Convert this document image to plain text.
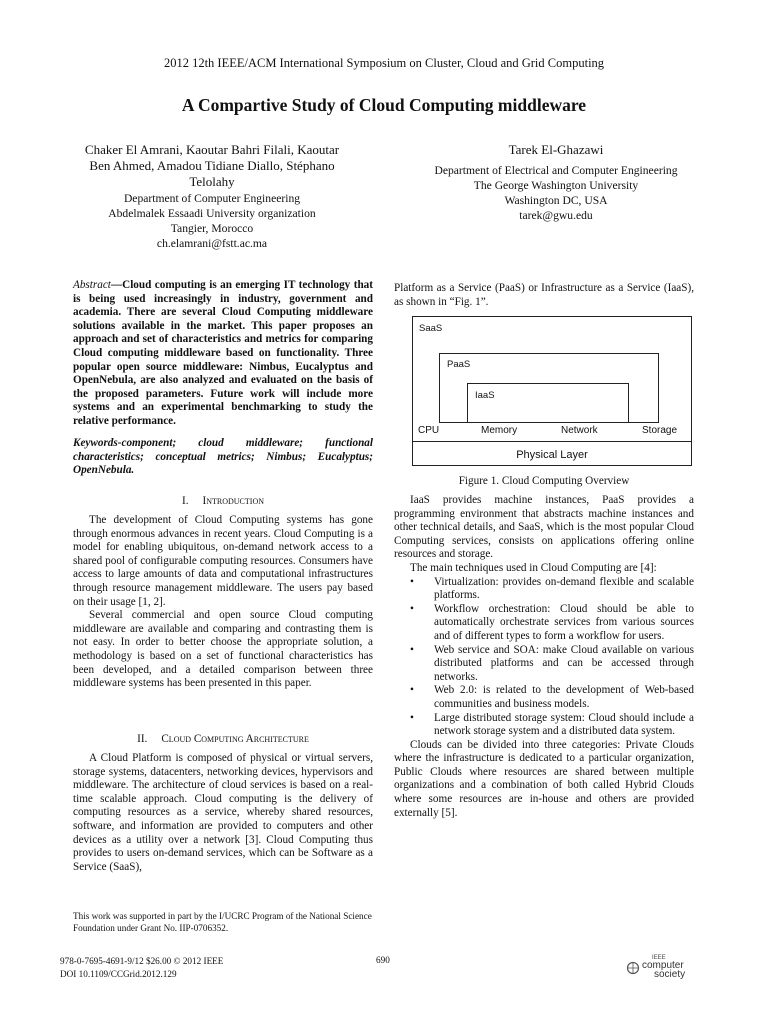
2012 12th IEEE/ACM International Symposium on Cluster, Cloud and Grid Computing
A Compartive Study of Cloud Computing middleware
Chaker El Amrani, Kaoutar Bahri Filali, Kaoutar
Ben Ahmed, Amadou Tidiane Diallo, Stéphano
Telolahy
Department of Computer Engineering
Abdelmalek Essaadi University organization
Tangier, Morocco
ch.elamrani@fstt.ac.ma
Tarek El-Ghazawi
Department of Electrical and Computer Engineering
The George Washington University
Washington DC, USA
tarek@gwu.edu
Abstract—Cloud computing is an emerging IT technology that is being used increasingly in industry, government and academia. There are several Cloud Computing middleware solutions available in the market. This paper proposes an approach and set of characteristics and metrics for comparing Cloud computing middleware based on functionality. Three popular open source middleware: Nimbus, Eucalyptus and OpenNebula, are also analyzed and evaluated on the basis of the proposed parameters. Future work will include more systems and an experimental benchmarking to study the relative performance.
Keywords-component; cloud middleware; functional characteristics; conceptual metrics; Nimbus; Eucalyptus; OpenNebula.
I. Introduction

The development of Cloud Computing systems has gone through enormous advances in recent years. Cloud Computing is a model for enabling ubiquitous, on-demand network access to a shared pool of configurable computing resources. Consumers have access to large amounts of data and computational infrastructures through resource management middleware. The users pay based on their usage [1, 2].

Several commercial and open source Cloud computing middleware are available and comparing and contrasting them is not easy. In order to better choose the appropriate solution, a methodology is based on a set of functional characteristics has been developed, and a detailed comparison between three middleware systems has been presented in this paper.

II. Cloud Computing Architecture

A Cloud Platform is composed of physical or virtual servers, storage systems, datacenters, networking devices, hypervisors and middleware. The architecture of cloud services is based on a real-time scalable approach. Cloud computing is the delivery of computing resources as a service, whereby shared resources, software, and information are provided to computers and other devices as a utility over a network [3]. Cloud Computing thus provides to users on-demand services, which can be Software as a Service (SaaS),

Platform as a Service (PaaS) or Infrastructure as a Service (IaaS), as shown in “Fig. 1”.
SaaS
PaaS
IaaS
CPU	Memory	Network	Storage
Physical Layer
Figure 1. Cloud Computing Overview

IaaS provides machine instances, PaaS provides a programming environment that abstracts machine instances and other technical details, and SaaS, which is the most popular Cloud Computing services, consists on applications offering online resources and storage.

The main techniques used in Cloud Computing are [4]:

• Virtualization: provides on-demand flexible and scalable platforms.
• Workflow orchestration: Cloud should be able to automatically orchestrate services from various sources and of different types to form a workflow for users.
• Web service and SOA: make Cloud available on various distributed platforms and can be accessed through networks.
• Web 2.0: is related to the development of Web-based communities and business models.
• Large distributed storage system: Cloud should include a network storage system and a distributed data system.

Clouds can be divided into three categories: Private Clouds where the infrastructure is dedicated to a particular organization, Public Clouds where resources are shared between multiple organizations and a combination of both called Hybrid Clouds where some resources are in-house and others are provided externally [5].

This work was supported in part by the I/UCRC Program of the National Science Foundation under Grant No. IIP-0706352.
978-0-7695-4691-9/12 $26.00 © 2012 IEEE
DOI 10.1109/CCGrid.2012.129
690	IEEE
computer
society
